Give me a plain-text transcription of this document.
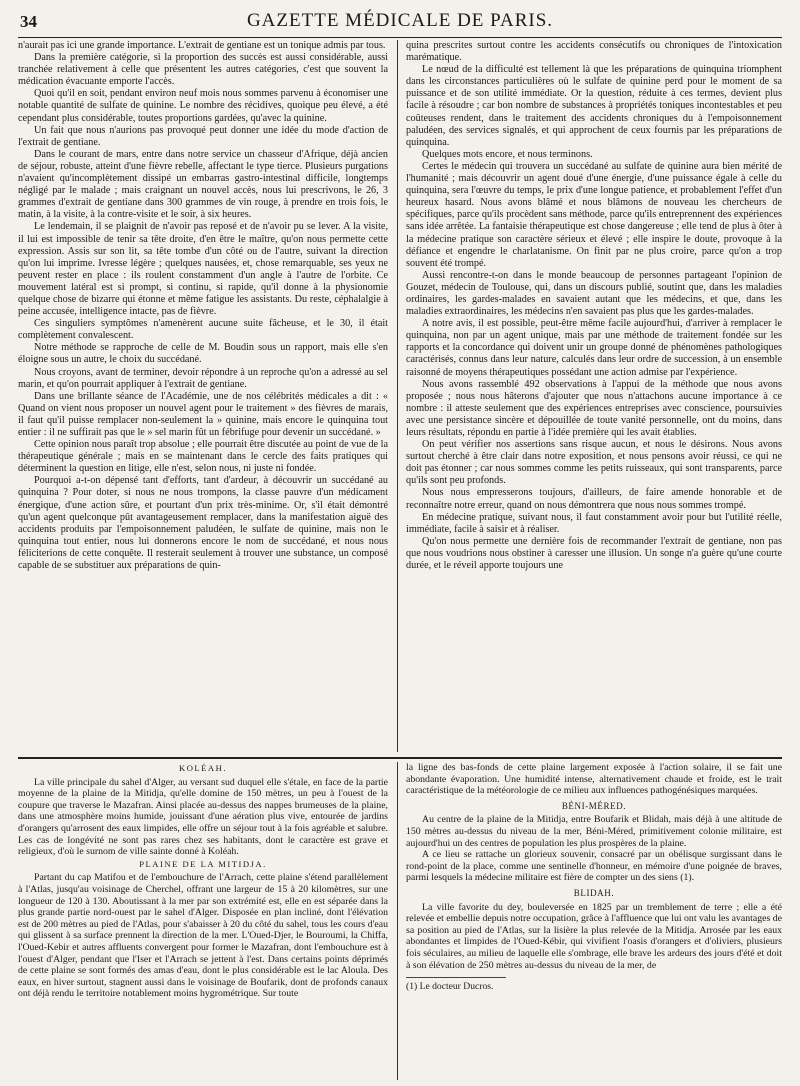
34	GAZETTE MÉDICALE DE PARIS.

n'aurait pas ici une grande importance. L'extrait de gentiane est un tonique admis par tous.

Dans la première catégorie, si la proportion des succès est aussi considérable, aussi tranchée relativement à celle que présentent les autres catégories, c'est que souvent la médication évacuante emporte l'accès.

Quoi qu'il en soit, pendant environ neuf mois nous sommes parvenu à économiser une notable quantité de sulfate de quinine. Le nombre des récidives, quoique peu élevé, a été cependant plus considérable, toutes proportions gardées, qu'avec la quinine.

Un fait que nous n'aurions pas provoqué peut donner une idée du mode d'action de l'extrait de gentiane.

Dans le courant de mars, entre dans notre service un chasseur d'Afrique, déjà ancien de séjour, robuste, atteint d'une fièvre rebelle, affectant le type tierce. Plusieurs purgations n'avaient qu'incomplètement dissipé un embarras gastro-intestinal difficile, longtemps négligé par le malade ; mais craignant un nouvel accès, nous lui prescrivons, le 26, 3 grammes d'extrait de gentiane dans 300 grammes de vin rouge, à prendre en trois fois, le matin, à la visite, à la contre-visite et le soir, à six heures.

Le lendemain, il se plaignit de n'avoir pas reposé et de n'avoir pu se lever. A la visite, il lui est impossible de tenir sa tête droite, d'en être le maître, qu'on nous permette cette expression. Assis sur son lit, sa tête tombe d'un côté ou de l'autre, suivant la direction qu'on lui imprime. Ivresse légère ; quelques nausées, et, chose remarquable, ses yeux ne peuvent rester en place : ils roulent constamment d'un angle à l'autre de l'orbite. Ce mouvement latéral est si prompt, si continu, si rapide, qu'il donne à la physionomie quelque chose de bizarre qui étonne et même fatigue les assistants. Du reste, céphalalgie à peine accusée, intelligence intacte, pas de fièvre.

Ces singuliers symptômes n'amenèrent aucune suite fâcheuse, et le 30, il était complètement convalescent.

Notre méthode se rapproche de celle de M. Boudin sous un rapport, mais elle s'en éloigne sous un autre, le choix du succédané.

Nous croyons, avant de terminer, devoir répondre à un reproche qu'on a adressé au sel marin, et qu'on pourrait appliquer à l'extrait de gentiane.

Dans une brillante séance de l'Académie, une de nos célébrités médicales a dit : « Quand on vient nous proposer un nouvel agent pour le traitement » des fièvres de marais, il faut qu'il puisse remplacer non-seulement la » quinine, mais encore le quinquina tout entier : il ne suffirait pas que le » sel marin fût un fébrifuge pour devenir un succédané. »

Cette opinion nous paraît trop absolue ; elle pourrait être discutée au point de vue de la thérapeutique générale ; mais en se maintenant dans le cercle des faits pratiques qui déterminent la question en litige, elle n'est, selon nous, ni juste ni fondée.

Pourquoi a-t-on dépensé tant d'efforts, tant d'ardeur, à découvrir un succédané au quinquina ? Pour doter, si nous ne nous trompons, la classe pauvre d'un médicament énergique, d'une action sûre, et pourtant d'un prix très-minime. Or, s'il était démontré qu'un agent quelconque pût avantageusement remplacer, dans la manifestation aiguë des accidents produits par l'empoisonnement paludéen, le sulfate de quinine, mais non le quinquina tout entier, nous lui donnerons encore le nom de succédané, et nous nous féliciterions de cette conquête. Il resterait seulement à trouver une substance, un composé capable de se substituer aux préparations de quin-

quina prescrites surtout contre les accidents consécutifs ou chroniques de l'intoxication marématique.

Le nœud de la difficulté est tellement là que les préparations de quinquina triomphent dans les circonstances particulières où le sulfate de quinine perd pour le moment de sa puissance et de son utilité immédiate. Or la question, réduite à ces termes, devient plus facile à résoudre ; car bon nombre de substances à propriétés toniques incontestables et peu coûteuses rendent, dans le traitement des accidents chroniques du à l'empoisonnement paludéen, des services signalés, et qui approchent de ceux fournis par les préparations de quinquina.

Quelques mots encore, et nous terminons.

Certes le médecin qui trouvera un succédané au sulfate de quinine aura bien mérité de l'humanité ; mais découvrir un agent doué d'une énergie, d'une puissance égale à celle du quinquina, sera l'œuvre du temps, le prix d'une longue patience, et probablement l'effet d'un heureux hasard. Nous avons blâmé et nous blâmons de nouveau les chercheurs de spécifiques, parce qu'ils procèdent sans méthode, parce qu'ils entreprennent des expériences sans idée arrêtée. La fantaisie thérapeutique est chose dangereuse ; elle tend de plus à ôter à la médecine pratique son caractère sérieux et élevé ; elle inspire le doute, provoque à la défiance et engendre le charlatanisme. On finit par ne plus croire, parce qu'on a trop souvent été trompé.

Aussi rencontre-t-on dans le monde beaucoup de personnes partageant l'opinion de Gouzet, médecin de Toulouse, qui, dans un discours publié, soutint que, dans les maladies ordinaires, les gardes-malades en savaient autant que les médecins, et que, dans les maladies extraordinaires, les médecins n'en savaient pas plus que les gardes-malades.

A notre avis, il est possible, peut-être même facile aujourd'hui, d'arriver à remplacer le quinquina, non par un agent unique, mais par une méthode de traitement fondée sur les rapports et la concordance qui doivent unir un groupe donné de phénomènes pathologiques caractérisés, connus dans leur nature, calculés dans leur ordre de succession, à un ensemble raisonné de moyens thérapeutiques possédant une action admise par l'expérience.

Nous avons rassemblé 492 observations à l'appui de la méthode que nous avons proposée ; nous nous hâterons d'ajouter que nous n'attachons aucune importance à ce nombre : il atteste seulement que des expériences entreprises avec conscience, poursuivies avec une persistance sincère et dépouillée de toute vanité personnelle, ont du moins, dans leurs résultats, répondu en partie à l'idée première qui les avait établies.

On peut vérifier nos assertions sans risque aucun, et nous le désirons. Nous avons surtout cherché à être clair dans notre exposition, et nous pensons avoir réussi, ce qui ne doit pas étonner ; car nous sommes comme les petits ruisseaux, qui sont transparents, parce qu'ils sont peu profonds.

Nous nous empresserons toujours, d'ailleurs, de faire amende honorable et de reconnaître notre erreur, quand on nous démontrera que nous nous sommes trompé.

En médecine pratique, suivant nous, il faut constamment avoir pour but l'utilité réelle, immédiate, facile à saisir et à réaliser.

Qu'on nous permette une dernière fois de recommander l'extrait de gentiane, non pas que nous voudrions nous obstiner à caresser une illusion. Un songe n'a guère qu'une courte durée, et le réveil apporte toujours une

KOLÉAH.

La ville principale du sahel d'Alger, au versant sud duquel elle s'étale, en face de la partie moyenne de la plaine de la Mitidja, qu'elle domine de 150 mètres, un peu à l'ouest de la coupure que traverse le Mazafran. Ainsi placée au-dessus des nappes brumeuses de la plaine, dans une atmosphère moins humide, jouissant d'une aération plus vive, entourée de jardins d'orangers qu'arrosent des eaux limpides, elle offre un séjour tout à la fois agréable et salubre. Les cas de longévité ne sont pas rares chez ses habitants, dont le caractère est grave et religieux, d'où le surnom de ville sainte donné à Koléah.

PLAINE DE LA MITIDJA.

Partant du cap Matifou et de l'embouchure de l'Arrach, cette plaine s'étend parallèlement à l'Atlas, jusqu'au voisinage de Cherchel, offrant une largeur de 15 à 20 kilomètres, sur une longueur de 120 à 130. Aboutissant à la mer par son extrémité est, elle en est séparée dans la plus grande partie nord-ouest par le sahel d'Alger. Disposée en plan incliné, dont l'élévation est de 200 mètres au pied de l'Atlas, pour s'abaisser à 20 du côté du sahel, tous les cours d'eau qui glissent à sa surface prennent la direction de la mer. L'Oued-Djer, le Bouroumi, la Chiffa, l'Oued-Kebir et autres affluents convergent pour former le Mazafran, dont l'embouchure est à l'ouest d'Alger, pendant que l'Iser et l'Arrach se jettent à l'est. Dans certains points déprimés de cette plaine se sont formés des amas d'eau, dont le plus considérable est le lac Aloula. Des eaux, en hiver surtout, stagnent aussi dans le voisinage de Boufarik, dont de profonds canaux ont déjà rendu le territoire notablement moins hygrométrique. Sur toute

la ligne des bas-fonds de cette plaine largement exposée à l'action solaire, il se fait une abondante évaporation. Une humidité intense, alternativement chaude et froide, est le trait caractéristique de la météorologie de ce milieu aux influences pathogénésiques marquées.

BÉNI-MÉRED.

Au centre de la plaine de la Mitidja, entre Boufarik et Blidah, mais déjà à une altitude de 150 mètres au-dessus du niveau de la mer, Béni-Méred, primitivement colonie militaire, est aujourd'hui un des centres de population les plus prospères de la plaine.

A ce lieu se rattache un glorieux souvenir, consacré par un obélisque surgissant dans le rond-point de la place, comme une sentinelle d'honneur, en mémoire d'une poignée de braves, parmi lesquels la médecine militaire est fière de compter un des siens (1).

BLIDAH.

La ville favorite du dey, bouleversée en 1825 par un tremblement de terre ; elle a été relevée et embellie depuis notre occupation, grâce à l'affluence que lui ont valu les avantages de sa position au pied de l'Atlas, sur la lisière la plus relevée de la Mitidja. Arrosée par les eaux abondantes et limpides de l'Oued-Kébir, qui vivifient l'oasis d'orangers et d'oliviers, plusieurs fois séculaires, au milieu de laquelle elle s'ombrage, elle brave les ardeurs des jours d'été et doit à son élévation de 250 mètres au-dessus du niveau de la mer, de

(1) Le docteur Ducros.
